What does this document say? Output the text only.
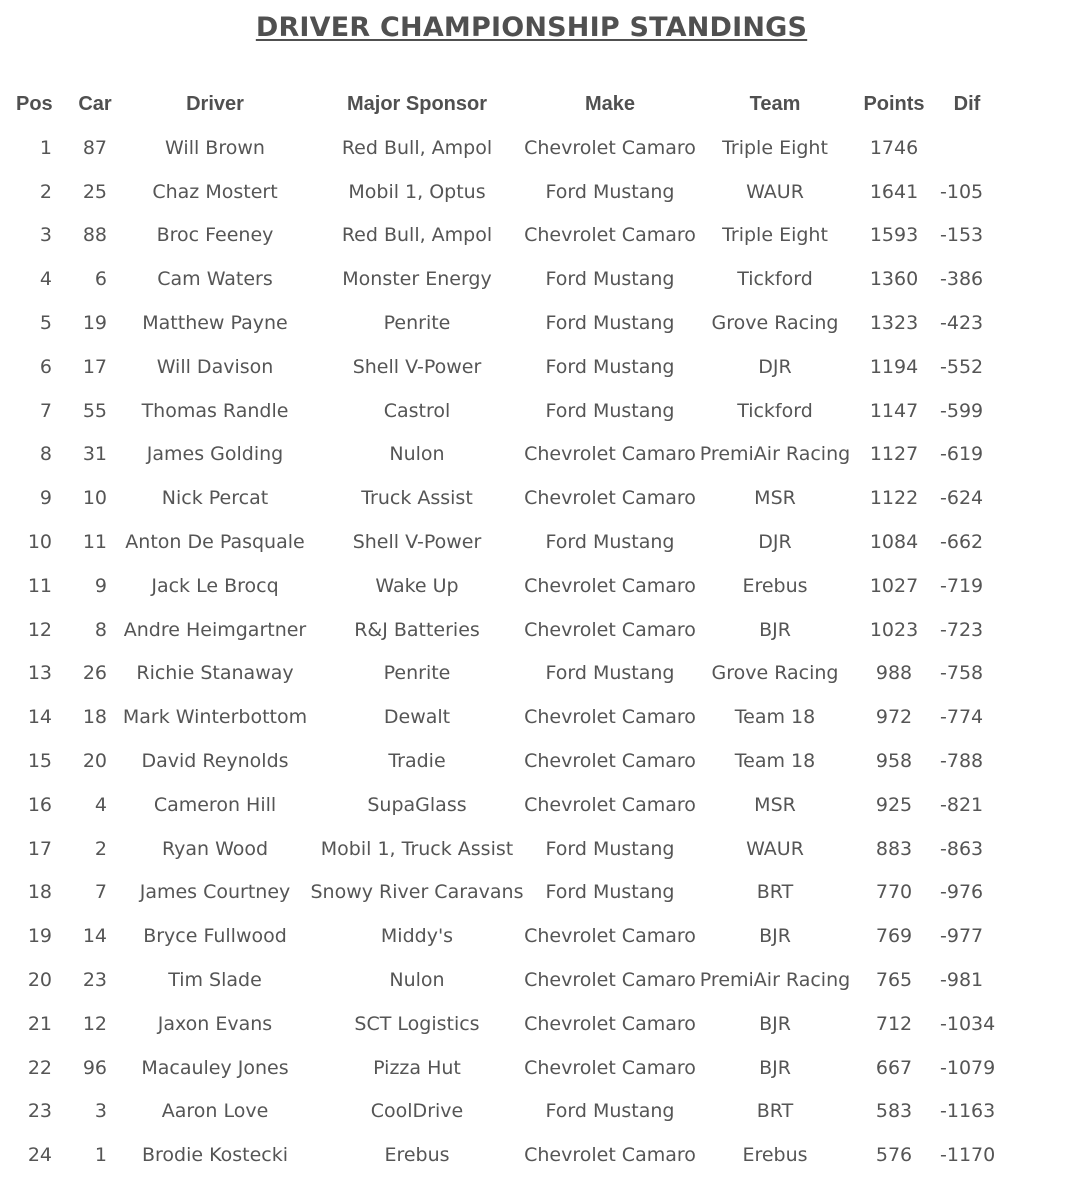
DRIVER CHAMPIONSHIP STANDINGS
Pos	Car	Driver	Major Sponsor	Make	Team	Points	Dif
1	87	Will Brown	Red Bull, Ampol	Chevrolet Camaro	Triple Eight	1746	
2	25	Chaz Mostert	Mobil 1, Optus	Ford Mustang	WAUR	1641	-105
3	88	Broc Feeney	Red Bull, Ampol	Chevrolet Camaro	Triple Eight	1593	-153
4	6	Cam Waters	Monster Energy	Ford Mustang	Tickford	1360	-386
5	19	Matthew Payne	Penrite	Ford Mustang	Grove Racing	1323	-423
6	17	Will Davison	Shell V-Power	Ford Mustang	DJR	1194	-552
7	55	Thomas Randle	Castrol	Ford Mustang	Tickford	1147	-599
8	31	James Golding	Nulon	Chevrolet Camaro	PremiAir Racing	1127	-619
9	10	Nick Percat	Truck Assist	Chevrolet Camaro	MSR	1122	-624
10	11	Anton De Pasquale	Shell V-Power	Ford Mustang	DJR	1084	-662
11	9	Jack Le Brocq	Wake Up	Chevrolet Camaro	Erebus	1027	-719
12	8	Andre Heimgartner	R&J Batteries	Chevrolet Camaro	BJR	1023	-723
13	26	Richie Stanaway	Penrite	Ford Mustang	Grove Racing	988	-758
14	18	Mark Winterbottom	Dewalt	Chevrolet Camaro	Team 18	972	-774
15	20	David Reynolds	Tradie	Chevrolet Camaro	Team 18	958	-788
16	4	Cameron Hill	SupaGlass	Chevrolet Camaro	MSR	925	-821
17	2	Ryan Wood	Mobil 1, Truck Assist	Ford Mustang	WAUR	883	-863
18	7	James Courtney	Snowy River Caravans	Ford Mustang	BRT	770	-976
19	14	Bryce Fullwood	Middy's	Chevrolet Camaro	BJR	769	-977
20	23	Tim Slade	Nulon	Chevrolet Camaro	PremiAir Racing	765	-981
21	12	Jaxon Evans	SCT Logistics	Chevrolet Camaro	BJR	712	-1034
22	96	Macauley Jones	Pizza Hut	Chevrolet Camaro	BJR	667	-1079
23	3	Aaron Love	CoolDrive	Ford Mustang	BRT	583	-1163
24	1	Brodie Kostecki	Erebus	Chevrolet Camaro	Erebus	576	-1170
